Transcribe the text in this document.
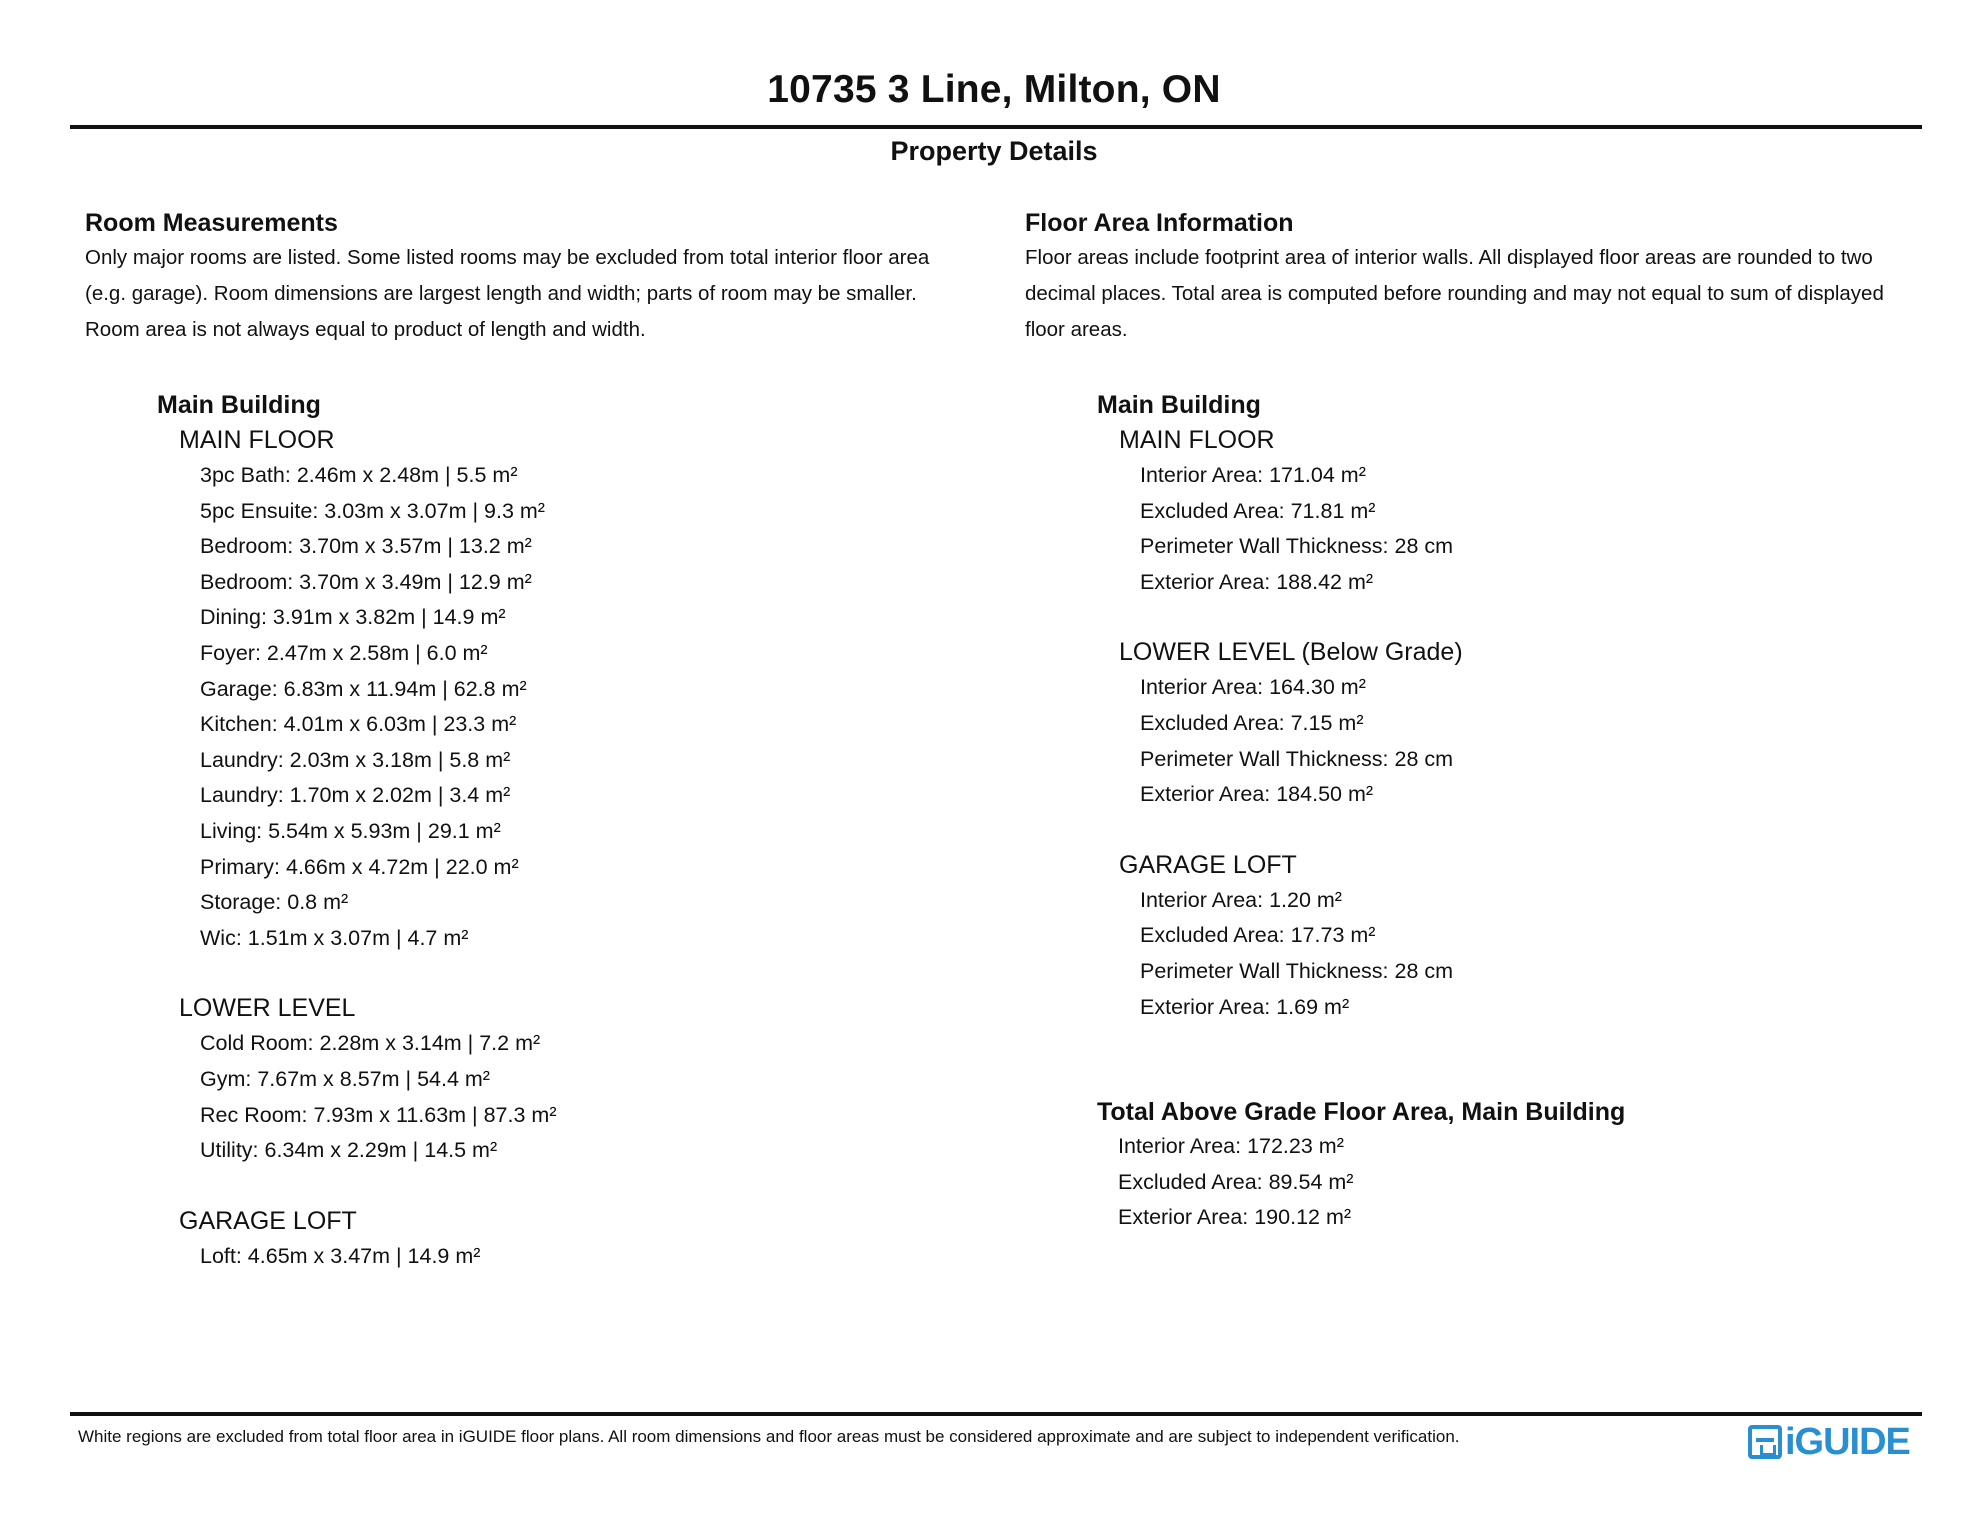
10735 3 Line, Milton, ON
Property Details
Room Measurements
Only major rooms are listed. Some listed rooms may be excluded from total interior floor area
(e.g. garage). Room dimensions are largest length and width; parts of room may be smaller.
Room area is not always equal to product of length and width.
Main Building
MAIN FLOOR
3pc Bath: 2.46m x 2.48m | 5.5 m²
5pc Ensuite: 3.03m x 3.07m | 9.3 m²
Bedroom: 3.70m x 3.57m | 13.2 m²
Bedroom: 3.70m x 3.49m | 12.9 m²
Dining: 3.91m x 3.82m | 14.9 m²
Foyer: 2.47m x 2.58m | 6.0 m²
Garage: 6.83m x 11.94m | 62.8 m²
Kitchen: 4.01m x 6.03m | 23.3 m²
Laundry: 2.03m x 3.18m | 5.8 m²
Laundry: 1.70m x 2.02m | 3.4 m²
Living: 5.54m x 5.93m | 29.1 m²
Primary: 4.66m x 4.72m | 22.0 m²
Storage: 0.8 m²
Wic: 1.51m x 3.07m | 4.7 m²
LOWER LEVEL
Cold Room: 2.28m x 3.14m | 7.2 m²
Gym: 7.67m x 8.57m | 54.4 m²
Rec Room: 7.93m x 11.63m | 87.3 m²
Utility: 6.34m x 2.29m | 14.5 m²
GARAGE LOFT
Loft: 4.65m x 3.47m | 14.9 m²
Floor Area Information
Floor areas include footprint area of interior walls. All displayed floor areas are rounded to two
decimal places. Total area is computed before rounding and may not equal to sum of displayed
floor areas.
Main Building
MAIN FLOOR
Interior Area: 171.04 m²
Excluded Area: 71.81 m²
Perimeter Wall Thickness: 28 cm
Exterior Area: 188.42 m²
LOWER LEVEL (Below Grade)
Interior Area: 164.30 m²
Excluded Area: 7.15 m²
Perimeter Wall Thickness: 28 cm
Exterior Area: 184.50 m²
GARAGE LOFT
Interior Area: 1.20 m²
Excluded Area: 17.73 m²
Perimeter Wall Thickness: 28 cm
Exterior Area: 1.69 m²
Total Above Grade Floor Area, Main Building
Interior Area: 172.23 m²
Excluded Area: 89.54 m²
Exterior Area: 190.12 m²
White regions are excluded from total floor area in iGUIDE floor plans. All room dimensions and floor areas must be considered approximate and are subject to independent verification.	iGUIDE
